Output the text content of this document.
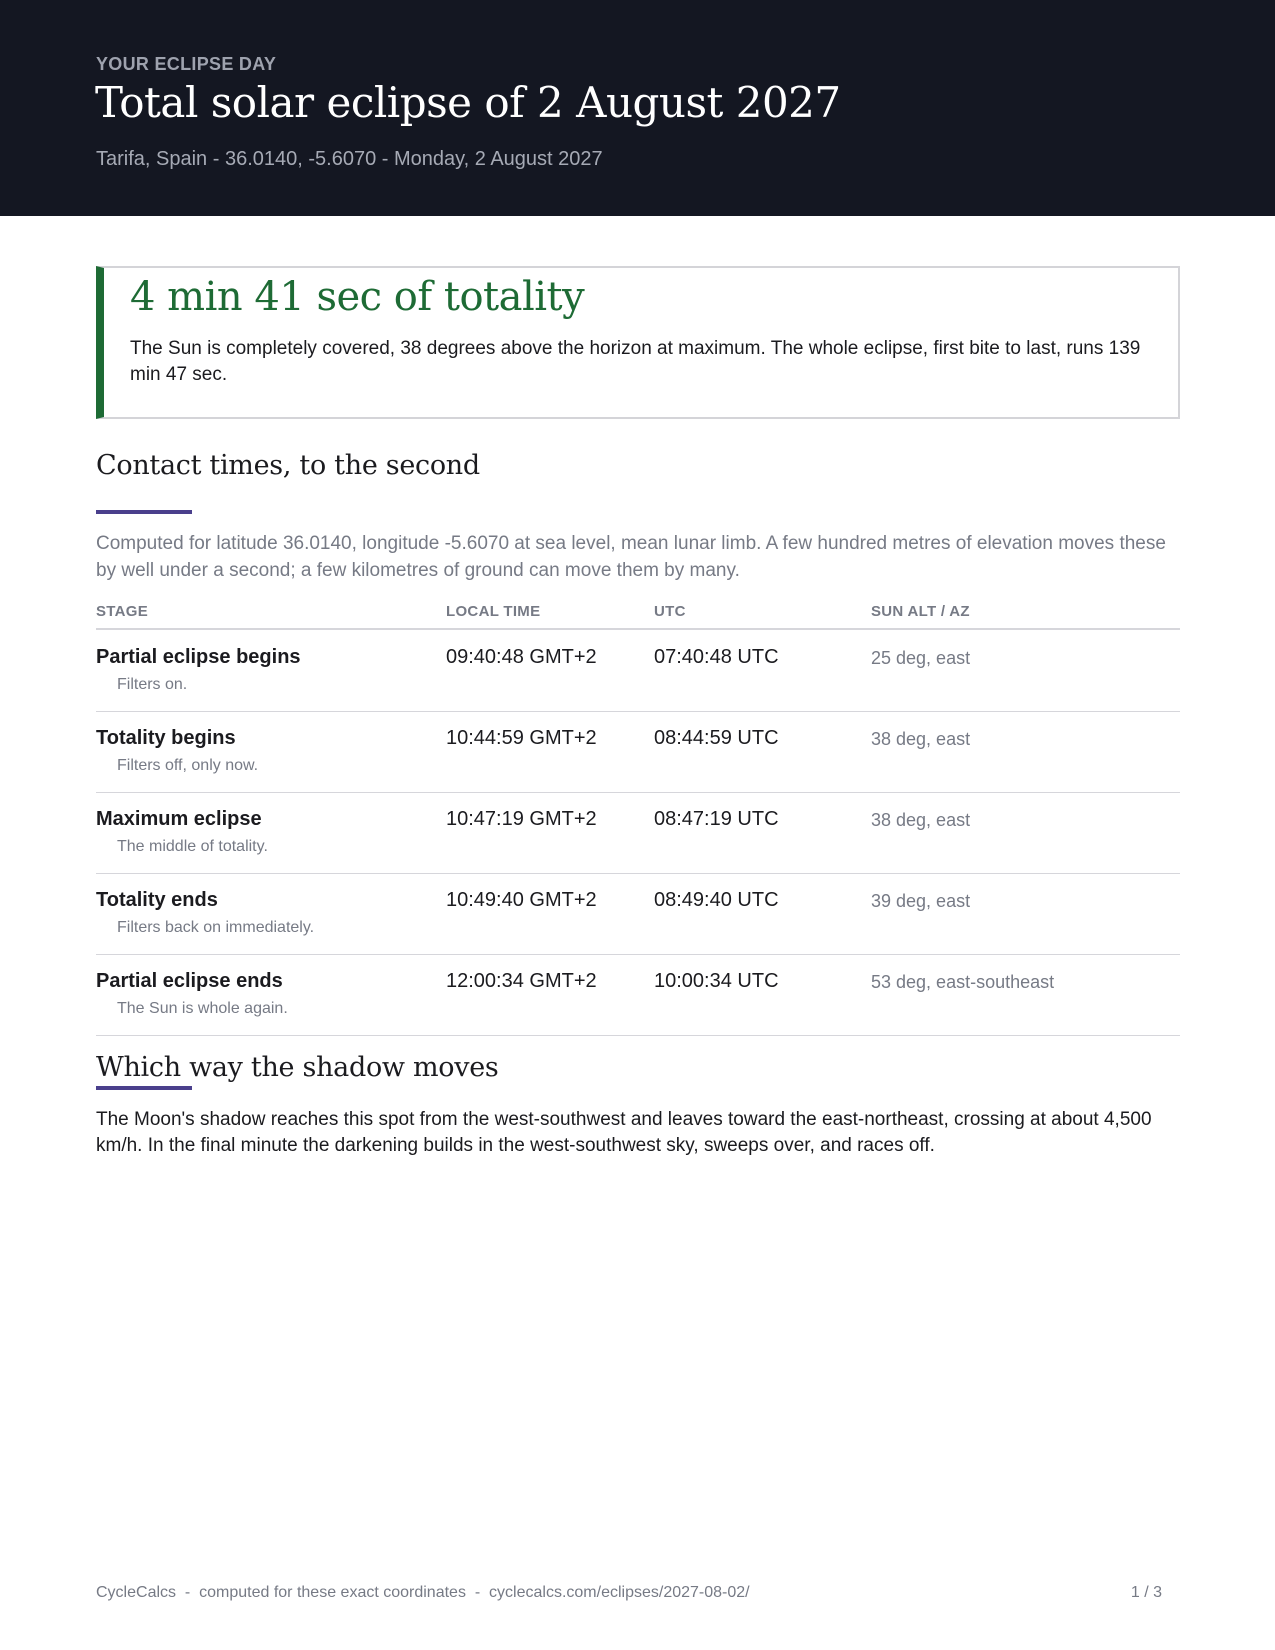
YOUR ECLIPSE DAY
Total solar eclipse of 2 August 2027
Tarifa, Spain - 36.0140, -5.6070 - Monday, 2 August 2027
4 min 41 sec of totality
The Sun is completely covered, 38 degrees above the horizon at maximum. The whole eclipse, first bite to last, runs 139 min 47 sec.
Contact times, to the second
Computed for latitude 36.0140, longitude -5.6070 at sea level, mean lunar limb. A few hundred metres of elevation moves these by well under a second; a few kilometres of ground can move them by many.
STAGE	LOCAL TIME	UTC	SUN ALT / AZ
Partial eclipse begins
Filters on.
09:40:48 GMT+2	07:40:48 UTC	25 deg, east
Totality begins
Filters off, only now.
10:44:59 GMT+2	08:44:59 UTC	38 deg, east
Maximum eclipse
The middle of totality.
10:47:19 GMT+2	08:47:19 UTC	38 deg, east
Totality ends
Filters back on immediately.
10:49:40 GMT+2	08:49:40 UTC	39 deg, east
Partial eclipse ends
The Sun is whole again.
12:00:34 GMT+2	10:00:34 UTC	53 deg, east-southeast
Which way the shadow moves
The Moon's shadow reaches this spot from the west-southwest and leaves toward the east-northeast, crossing at about 4,500 km/h. In the final minute the darkening builds in the west-southwest sky, sweeps over, and races off.
CycleCalcs  -  computed for these exact coordinates  -  cyclecalcs.com/eclipses/2027-08-02/	1 / 3
